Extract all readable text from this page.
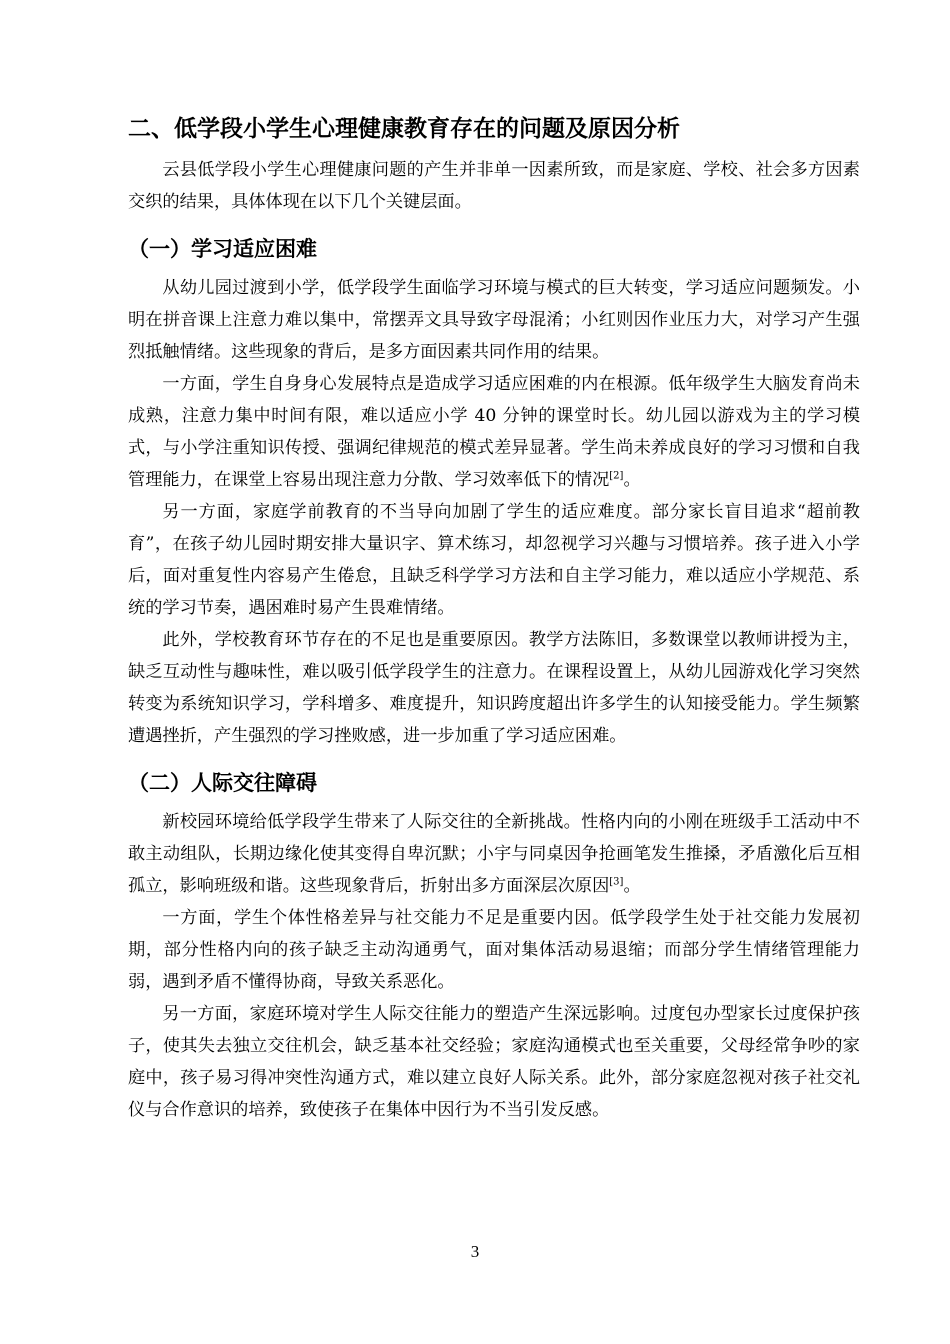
二、低学段小学生心理健康教育存在的问题及原因分析

云县低学段小学生心理健康问题的产生并非单一因素所致，而是家庭、学校、社会多方因素交织的结果，具体体现在以下几个关键层面。

（一）学习适应困难

从幼儿园过渡到小学，低学段学生面临学习环境与模式的巨大转变，学习适应问题频发。小明在拼音课上注意力难以集中，常摆弄文具导致字母混淆；小红则因作业压力大，对学习产生强烈抵触情绪。这些现象的背后，是多方面因素共同作用的结果。

一方面，学生自身身心发展特点是造成学习适应困难的内在根源。低年级学生大脑发育尚未成熟，注意力集中时间有限，难以适应小学 40 分钟的课堂时长。幼儿园以游戏为主的学习模式，与小学注重知识传授、强调纪律规范的模式差异显著。学生尚未养成良好的学习习惯和自我管理能力，在课堂上容易出现注意力分散、学习效率低下的情况[2]。

另一方面，家庭学前教育的不当导向加剧了学生的适应难度。部分家长盲目追求“超前教育”，在孩子幼儿园时期安排大量识字、算术练习，却忽视学习兴趣与习惯培养。孩子进入小学后，面对重复性内容易产生倦怠，且缺乏科学学习方法和自主学习能力，难以适应小学规范、系统的学习节奏，遇困难时易产生畏难情绪。

此外，学校教育环节存在的不足也是重要原因。教学方法陈旧，多数课堂以教师讲授为主，缺乏互动性与趣味性，难以吸引低学段学生的注意力。在课程设置上，从幼儿园游戏化学习突然转变为系统知识学习，学科增多、难度提升，知识跨度超出许多学生的认知接受能力。学生频繁遭遇挫折，产生强烈的学习挫败感，进一步加重了学习适应困难。

（二）人际交往障碍

新校园环境给低学段学生带来了人际交往的全新挑战。性格内向的小刚在班级手工活动中不敢主动组队，长期边缘化使其变得自卑沉默；小宇与同桌因争抢画笔发生推搡，矛盾激化后互相孤立，影响班级和谐。这些现象背后，折射出多方面深层次原因[3]。

一方面，学生个体性格差异与社交能力不足是重要内因。低学段学生处于社交能力发展初期，部分性格内向的孩子缺乏主动沟通勇气，面对集体活动易退缩；而部分学生情绪管理能力弱，遇到矛盾不懂得协商，导致关系恶化。

另一方面，家庭环境对学生人际交往能力的塑造产生深远影响。过度包办型家长过度保护孩子，使其失去独立交往机会，缺乏基本社交经验；家庭沟通模式也至关重要，父母经常争吵的家庭中，孩子易习得冲突性沟通方式，难以建立良好人际关系。此外，部分家庭忽视对孩子社交礼仪与合作意识的培养，致使孩子在集体中因行为不当引发反感。

3
